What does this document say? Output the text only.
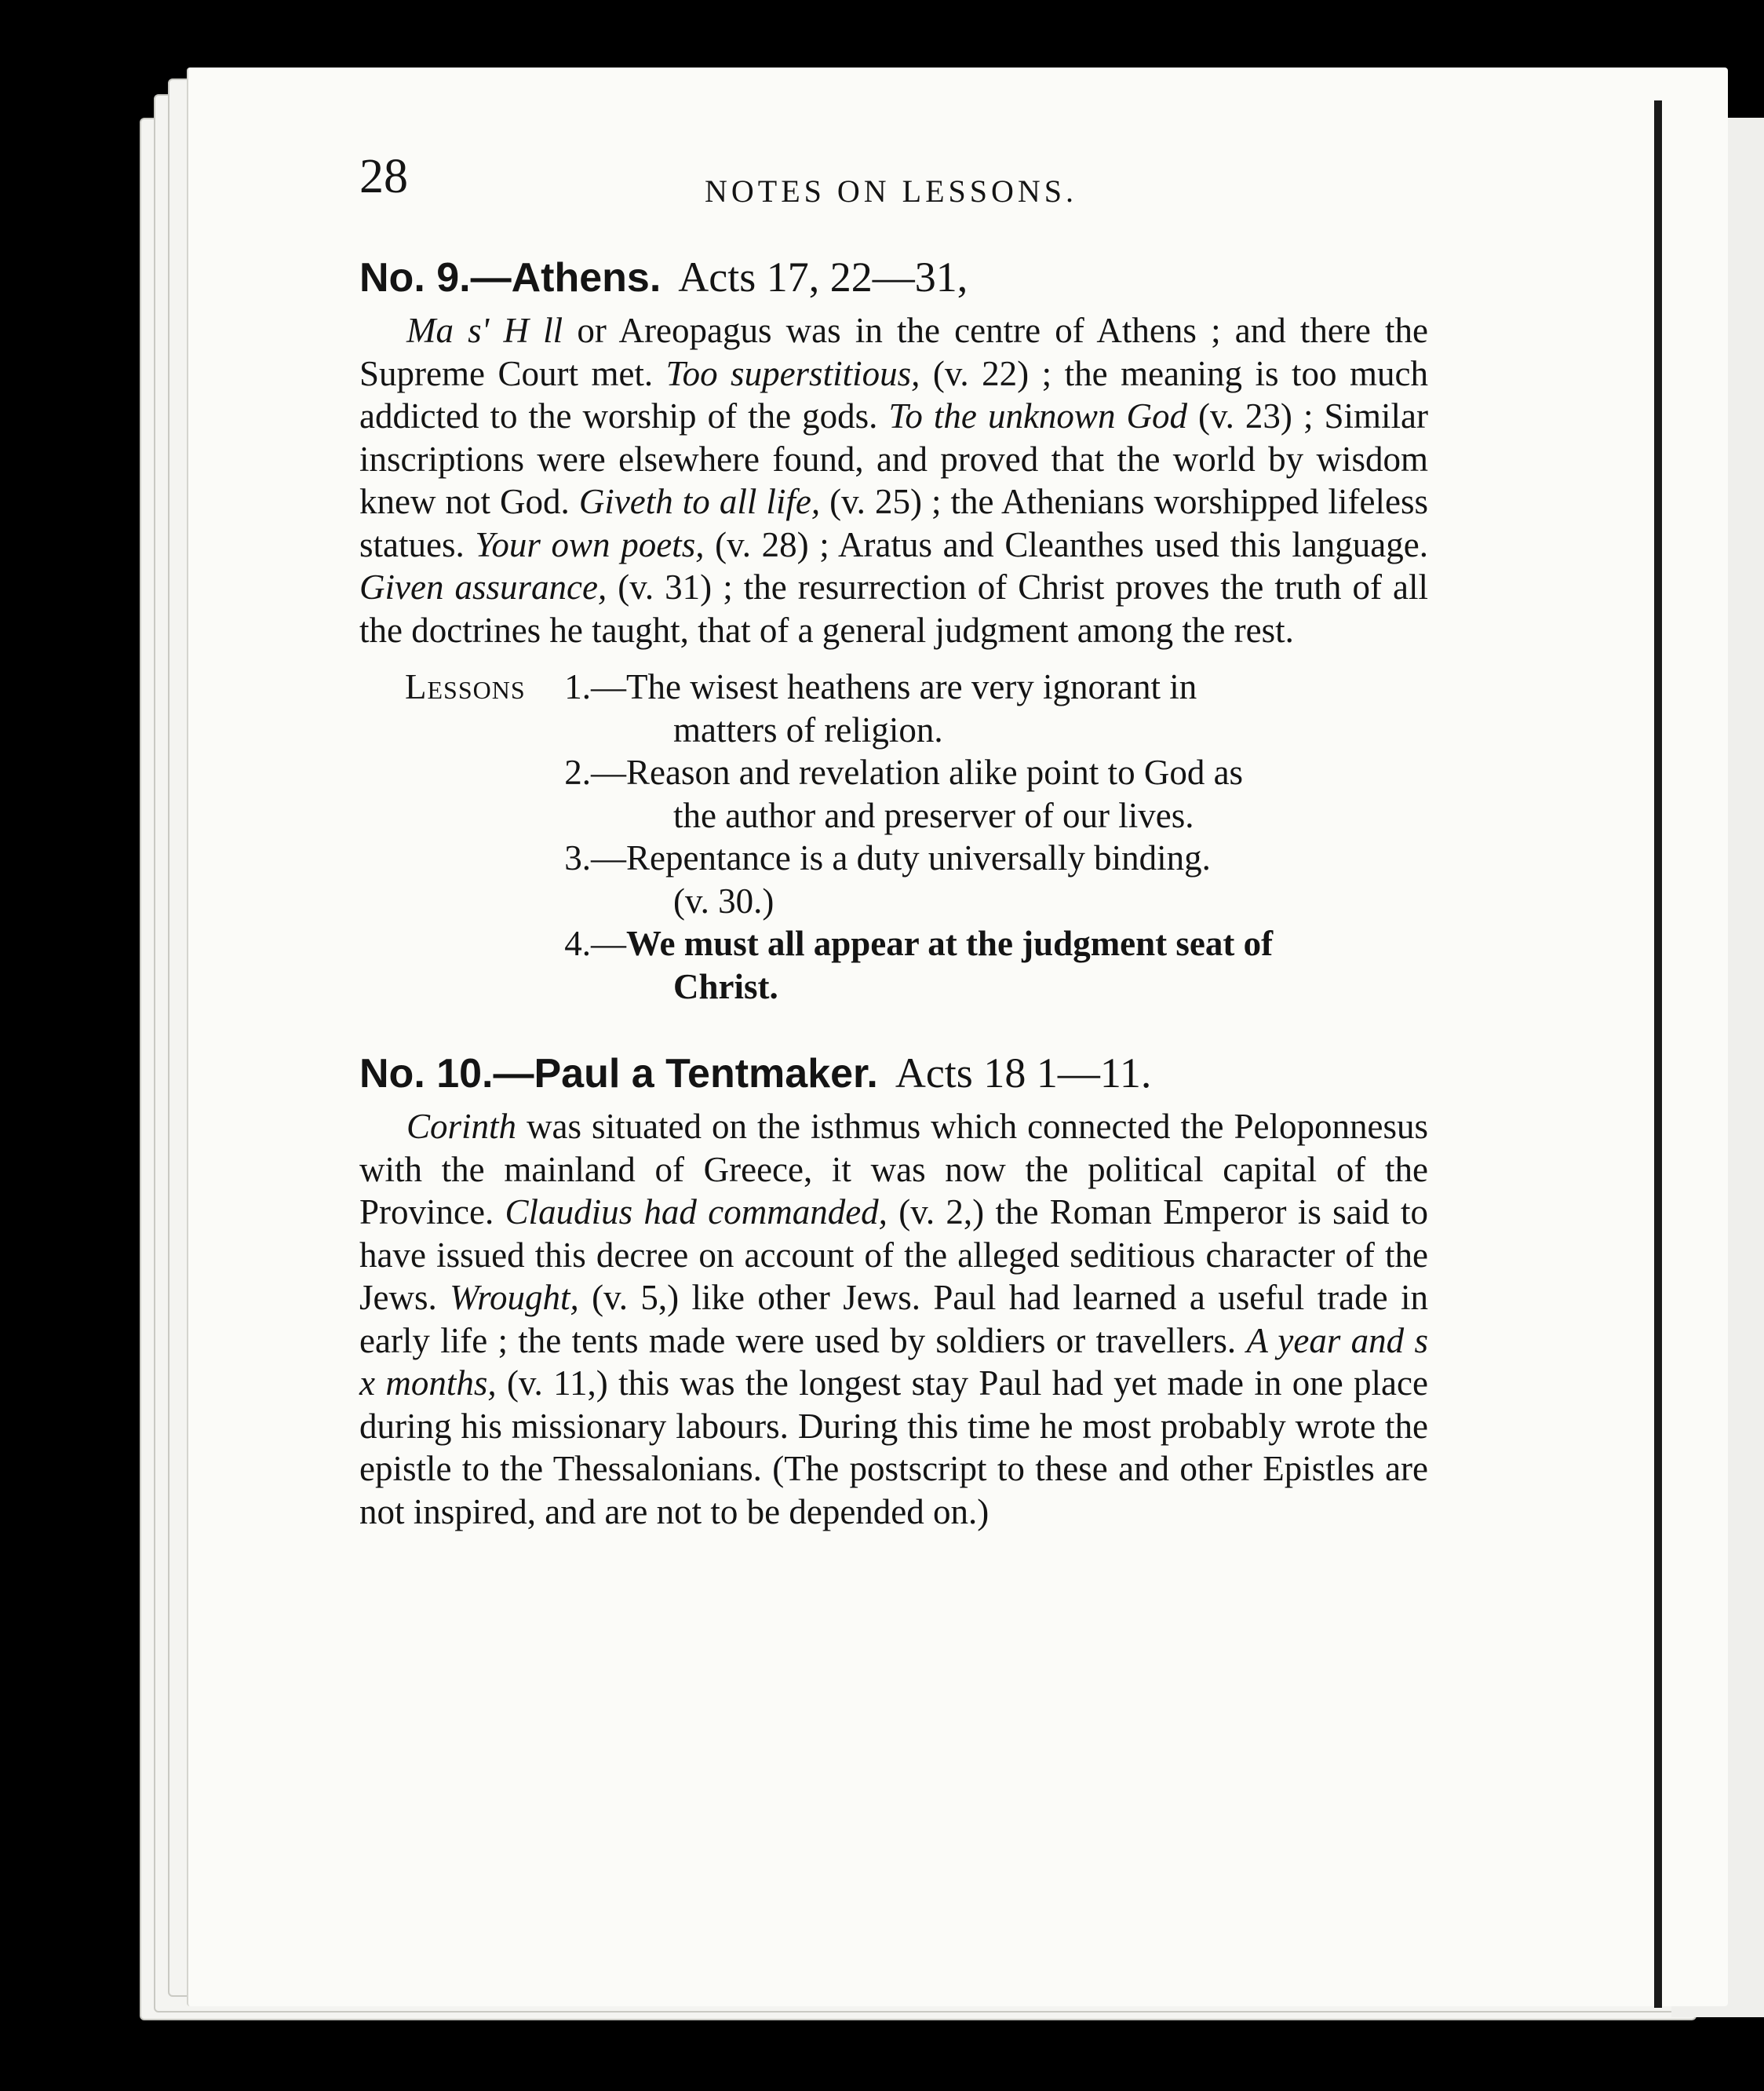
28	NOTES ON LESSONS.
No. 9.—Athens. Acts 17, 22—31,

Ma s' H ll or Areopagus was in the centre of Athens ; and there the Supreme Court met. Too superstitious, (v. 22) ; the meaning is too much addicted to the worship of the gods. To the unknown God (v. 23) ; Similar inscriptions were elsewhere found, and proved that the world by wisdom knew not God. Giveth to all life, (v. 25) ; the Athenians worshipped lifeless statues. Your own poets, (v. 28) ; Aratus and Cleanthes used this language. Given assurance, (v. 31) ; the resurrection of Christ proves the truth of all the doctrines he taught, that of a general judgment among the rest.

Lessons	1.— The wisest heathens are very ignorant in
matters of religion.
2.— Reason and revelation alike point to God as
the author and preserver of our lives.
3.— Repentance is a duty universally binding.
(v. 30.)
4.— We must all appear at the judgment seat of
Christ.
No. 10.—Paul a Tentmaker. Acts 18 1—11.

Corinth was situated on the isthmus which connected the Peloponnesus with the mainland of Greece, it was now the political capital of the Province. Claudius had commanded, (v. 2,) the Roman Emperor is said to have issued this decree on account of the alleged seditious character of the Jews. Wrought, (v. 5,) like other Jews. Paul had learned a useful trade in early life ; the tents made were used by soldiers or travellers. A year and s x months, (v. 11,) this was the longest stay Paul had yet made in one place during his missionary labours. During this time he most probably wrote the epistle to the Thessalonians. (The postscript to these and other Epistles are not inspired, and are not to be depended on.)
